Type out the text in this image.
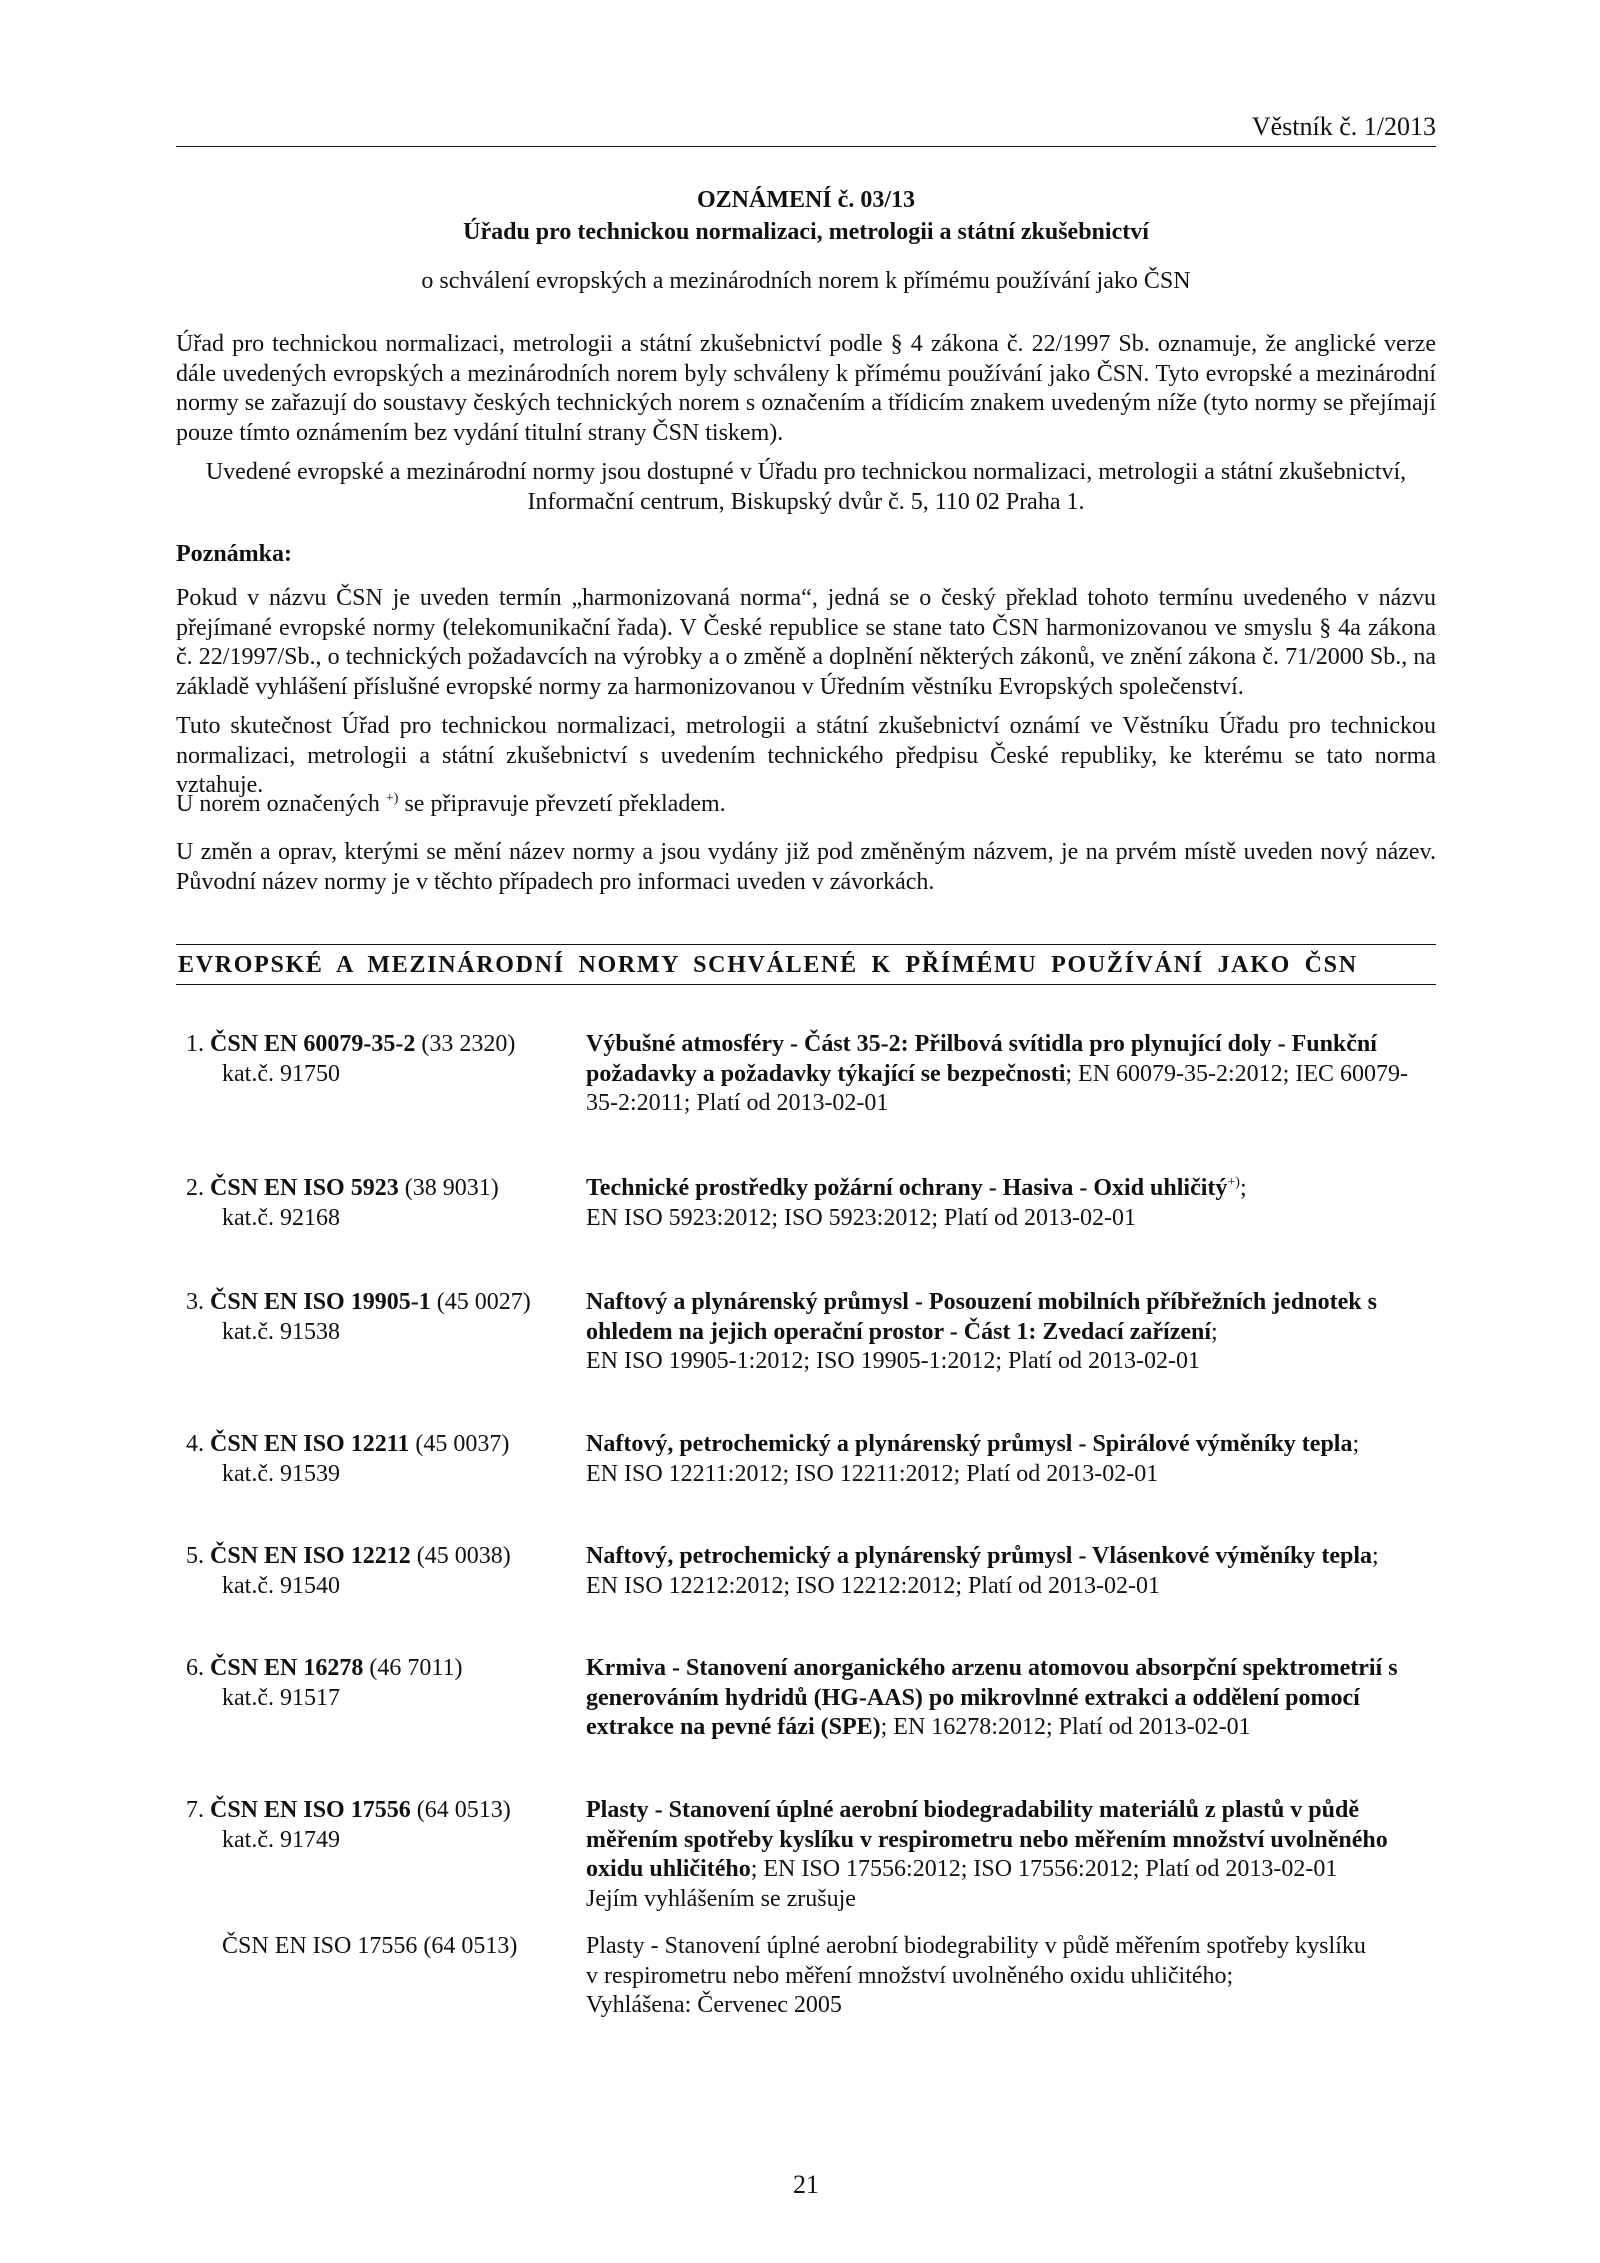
Věstník č. 1/2013
OZNÁMENÍ č. 03/13
Úřadu pro technickou normalizaci, metrologii a státní zkušebnictví
o schválení evropských a mezinárodních norem k přímému používání jako ČSN
Úřad pro technickou normalizaci, metrologii a státní zkušebnictví podle § 4 zákona č. 22/1997 Sb. oznamuje, že anglické verze dále uvedených evropských a mezinárodních norem byly schváleny k přímému používání jako ČSN. Tyto evropské a mezinárodní normy se zařazují do soustavy českých technických norem s označením a třídicím znakem uvedeným níže (tyto normy se přejímají pouze tímto oznámením bez vydání titulní strany ČSN tiskem).
Uvedené evropské a mezinárodní normy jsou dostupné v Úřadu pro technickou normalizaci, metrologii a státní zkušebnictví,
Informační centrum, Biskupský dvůr č. 5, 110 02 Praha 1.
Poznámka:
Pokud v názvu ČSN je uveden termín „harmonizovaná norma“, jedná se o český překlad tohoto termínu uvedeného v názvu přejímané evropské normy (telekomunikační řada). V České republice se stane tato ČSN harmonizovanou ve smyslu § 4a zákona č. 22/1997/Sb., o technických požadavcích na výrobky a o změně a doplnění některých zákonů, ve znění zákona č. 71/2000 Sb., na základě vyhlášení příslušné evropské normy za harmonizovanou v Úředním věstníku Evropských společenství.
Tuto skutečnost Úřad pro technickou normalizaci, metrologii a státní zkušebnictví oznámí ve Věstníku Úřadu pro technickou normalizaci, metrologii a státní zkušebnictví s uvedením technického předpisu České republiky, ke kterému se tato norma vztahuje.
U norem označených +) se připravuje převzetí překladem.
U změn a oprav, kterými se mění název normy a jsou vydány již pod změněným názvem, je na prvém místě uveden nový název. Původní název normy je v těchto případech pro informaci uveden v závorkách.
EVROPSKÉ A MEZINÁRODNÍ NORMY SCHVÁLENÉ K PŘÍMÉMU POUŽÍVÁNÍ JAKO ČSN
1. ČSN EN 60079-35-2 (33 2320)
kat.č. 91750
Výbušné atmosféry - Část 35-2: Přilbová svítidla pro plynující doly - Funkční požadavky a požadavky týkající se bezpečnosti; EN 60079-35-2:2012; IEC 60079-35-2:2011; Platí od 2013-02-01
2. ČSN EN ISO 5923 (38 9031)
kat.č. 92168
Technické prostředky požární ochrany - Hasiva - Oxid uhličitý+);
EN ISO 5923:2012; ISO 5923:2012; Platí od 2013-02-01
3. ČSN EN ISO 19905-1 (45 0027)
kat.č. 91538
Naftový a plynárenský průmysl - Posouzení mobilních příbřežních jednotek s ohledem na jejich operační prostor - Část 1: Zvedací zařízení;
EN ISO 19905-1:2012; ISO 19905-1:2012; Platí od 2013-02-01
4. ČSN EN ISO 12211 (45 0037)
kat.č. 91539
Naftový, petrochemický a plynárenský průmysl - Spirálové výměníky tepla;
EN ISO 12211:2012; ISO 12211:2012; Platí od 2013-02-01
5. ČSN EN ISO 12212 (45 0038)
kat.č. 91540
Naftový, petrochemický a plynárenský průmysl - Vlásenkové výměníky tepla;
EN ISO 12212:2012; ISO 12212:2012; Platí od 2013-02-01
6. ČSN EN 16278 (46 7011)
kat.č. 91517
Krmiva - Stanovení anorganického arzenu atomovou absorpční spektrometrií s generováním hydridů (HG-AAS) po mikrovlnné extrakci a oddělení pomocí extrakce na pevné fázi (SPE); EN 16278:2012; Platí od 2013-02-01
7. ČSN EN ISO 17556 (64 0513)
kat.č. 91749
Plasty - Stanovení úplné aerobní biodegradability materiálů z plastů v půdě měřením spotřeby kyslíku v respirometru nebo měřením množství uvolněného oxidu uhličitého; EN ISO 17556:2012; ISO 17556:2012; Platí od 2013-02-01
Jejím vyhlášením se zrušuje
ČSN EN ISO 17556 (64 0513)	Plasty - Stanovení úplné aerobní biodegrability v půdě měřením spotřeby kyslíku
v respirometru nebo měření množství uvolněného oxidu uhličitého;
Vyhlášena: Červenec 2005
21
